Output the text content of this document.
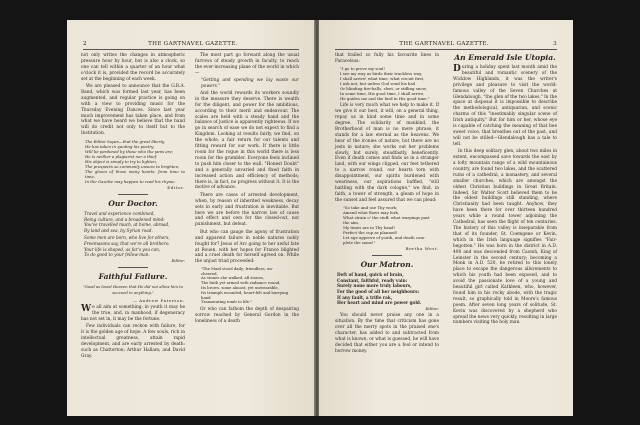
2	THE GARTNAVEL GAZETTE.

not only writes the changes in atmospheric pressure hour by hour, but is also a clock, so one can tell within a quarter of an hour what o'clock it is, provided the record be accurately set at the beginning of each week.

We are pleased to announce that the G.R.A. Band, which was formed last year, has been augmented, and regular practice is going on with a view to providing music for the Thursday Evening Dances. Since last year much improvement has taken place, and from what we have heard we believe that the band will do credit not only to itself but to the Institution.

The Editor hopes—that the great liberty,
He has taken in quoting his poetry,
Will be pardoned by those who the pens are;
He is neither a plagiarist nor a thief.
His object is simply to try to lighten,
The prospects so commonly unsure to brighten,
The gloom of those many hearts, from time to time,
In the Gazette may happen to read his rhyme.

Editor.

Our Doctor.
Travel and experience combined,
Being culture, and a broadened mind:
You've travelled much, at home, abroad,
By land and sea, by Syrian road.
Some men are born, who live for others,
Freemasons say, that we're all brothers:
Your life is shaped, as far's you can,
To do good to your fellow-man.

Editor.

Faithful Failure.

"Good as loved Heaven that He did not allow him to succeed in anything."

— Andrew Paterson.

We all aim at something; in youth it may be the true, and, in manhood, if degeneracy has not set in, it may be the fortune.

Few individuals can reckon with failure, for it is the golden age of hope. A few souls, rich in intellectual greatness, attain rapid development, and are early arrested by death: such as Chatterton; Arthur Hallam; and David Gray.

The most part go forward along the usual furrows of steady growth in faculty, to reach the ever-increasing plane of the world in which —

"Getting and spending we lay waste our powers."

And the world rewards its workers soundly in the measure they deserve. There is wealth for the diligent, and power for the ambitious, according to their merit and endeavour. The scales are held with a steady hand and the balance of justice is apparently righteous. If we go in search of ease we do not expect to find a Kingdom. Looking at results fairly, we find, on the whole, a fair return for our talents and fitting reward for our work. If there is little room for the rogue in this world there is less room for the grumbler. Everyone feels inclined to push him closer to the wall. "Honest Doubt" and a generally unvaried and fixed faith in increased action and efficiency of methods; there is, in fact, no progress without it. It is the motive of advance.

There are cases of arrested development, when, by reason of inherited weakness, decay sets in early and frustration is inevitable. But here we are before the narrow law of cause and effect and own for the closed-out, not punishment, but defeat.

But who can gauge the agony of frustration and apparent failure in noble natures nobly fought for? Jesus of Arc going to her awful fate at Rouen, with her hopes for France blighted and a cruel death for herself agreed on. While the unjust triad proceeded:

"The Maid stood daily; friendless, un-
cheered,
As stones she walked, all stones,
The faith yet armed with radiance round,
Its brows, some almost, yet unwearable,
Its triumph wounded; heart-felt and hurrying
hand
Transmuting tomb to life."

Or who can fathom the depth of despairing sorrow reached by General Gordon in the loneliness of a death

THE GARTNAVEL GAZETTE.	3

that trailed so fully his favourite lines in Paracelsus:

"I go to prove my soul!
I see my way as birds their trackless way,
I shall arrive! what time, what circuit first,
I ask not; but unless God send his hail
Or blinding fire-balls, sleet, or stifling snow,
In some time, His good time, I shall arrive,
He guides me and the bird in His good time."

Life is very much what we help to make it. If we give it our best, it will, on a general thing, repay us in kind some time and in some degree. The solidarity of mankind, the Brotherhood of man is no mere phrase, it stands for a law eternal as the heavens. We hear of the ironies of nature, but there are no jests in nature; she works out her problems slowly, but surely, steadfastly, beneficently. Even if death comes and finds us in a stranger land, with our wings clipped, our feet tethered to a narrow round, our hearts torn with disappointment, our spirits burdened with weariness, our aspirations baffled, "still battling with the dark cologne," we find, in faith, a tower of strength, a gleam of hope in the sunset and feel assured that we can plead:

"So take and use Thy work;
Amend what flaws may lurk,
What strain o' the stuff, what warpings past
the aim,
My times are in Thy hand!
Perfect the cup as planned!
Let age approve of youth, and death com-
plete the same!"

Bertha West.

Our Matron.
Deft of hand, quick of brain,
Constant, faithful, ready vain:
Surely none more truly labours,
For the good of all her neighbours:
If any fault, a trifle rak,
Her heart and mind are power gold.

Editor.

You should never praise any one in a situation. By the time that criticism has gone over all the merry spots in the praised one's character, has added to and subtracted from what is known, or what is guessed, he will have decided that either you are a fool or intend to borrow money.

An Emerald Isle Utopia.

During a holiday spent last month amid the beautiful and romantic scenery of the Wicklow Highlands, it was the writer's privilege and pleasure to visit the world-famous valley of the Seven Churches at Glendalough, "the glen of the two lakes." In the space at disposal it is impossible to describe the methodological, antiquarian, and scenic charms of this "inestimably singular scene of Irish antiquity." But for him or her, whose eye is capable of catching the meaning of that bee sweet voice, that breathes out of the past, and will not be stilled—Glendalough has a tale to tell.

In this deep solitary glen, about two miles in extent, encompassed save towards the east by a lofty mountain range of a wild mountainous country, are found two lakes, and the scattered ruins of a cathedral, a monastery, and several smaller churches, which are amongst the oldest Christian buildings in Great Britain. Indeed, Sir Walter Scott believed them to be the oldest buildings still standing, where Christianity had been taught. Anyhow, they have been there for over thirteen hundred years while a round tower adjoining the Cathedral, has seen the flight of ten centuries. The history of this valley is inseparable from that of its founder, St. Coemgene or Kevin, which in the Irish language signifies "Fair-begotten." He was born in the district in A.D. 498 and was descended from Caomh, King of Leinster in the second century; becoming a Monk in A.D. 520, he retired to this lonely place to escape the dangerous allurements to which his youth had been exposed, and to avoid the passionate love of a young and beautiful girl called Kathleen, who, however, found him in his rocky abode, with the tragic result, so graphically told in Moore's famous poem. After seven long years of solitude, St. Kevin was discovered by a shepherd who spread the news very quickly, resulting in large numbers visiting the holy man.
